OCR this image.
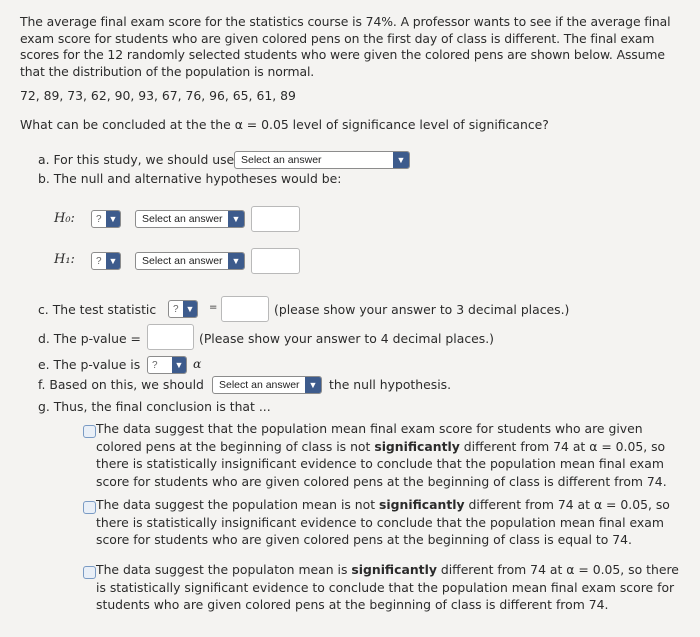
The average final exam score for the statistics course is 74%. A professor wants to see if the average final exam score for students who are given colored pens on the first day of class is different. The final exam scores for the 12 randomly selected students who were given the colored pens are shown below. Assume that the distribution of the population is normal.
72, 89, 73, 62, 90, 93, 67, 76, 96, 65, 61, 89
What can be concluded at the the α = 0.05 level of significance level of significance?
a. For this study, we should use Select an answer	▼
b. The null and alternative hypotheses would be:
H₀:	? ▼	Select an answer ▼
H₁:	? ▼	Select an answer ▼
c. The test statistic	? ▼ =	(please show your answer to 3 decimal places.)
d. The p-value =	(Please show your answer to 4 decimal places.)
e. The p-value is	?	▼ α
f. Based on this, we should	Select an answer ▼ the null hypothesis.
g. Thus, the final conclusion is that ...
The data suggest that the population mean final exam score for students who are given colored pens at the beginning of class is not significantly different from 74 at α = 0.05, so there is statistically insignificant evidence to conclude that the population mean final exam score for students who are given colored pens at the beginning of class is different from 74.
The data suggest the population mean is not significantly different from 74 at α = 0.05, so there is statistically insignificant evidence to conclude that the population mean final exam score for students who are given colored pens at the beginning of class is equal to 74.
The data suggest the populaton mean is significantly different from 74 at α = 0.05, so there is statistically significant evidence to conclude that the population mean final exam score for students who are given colored pens at the beginning of class is different from 74.
